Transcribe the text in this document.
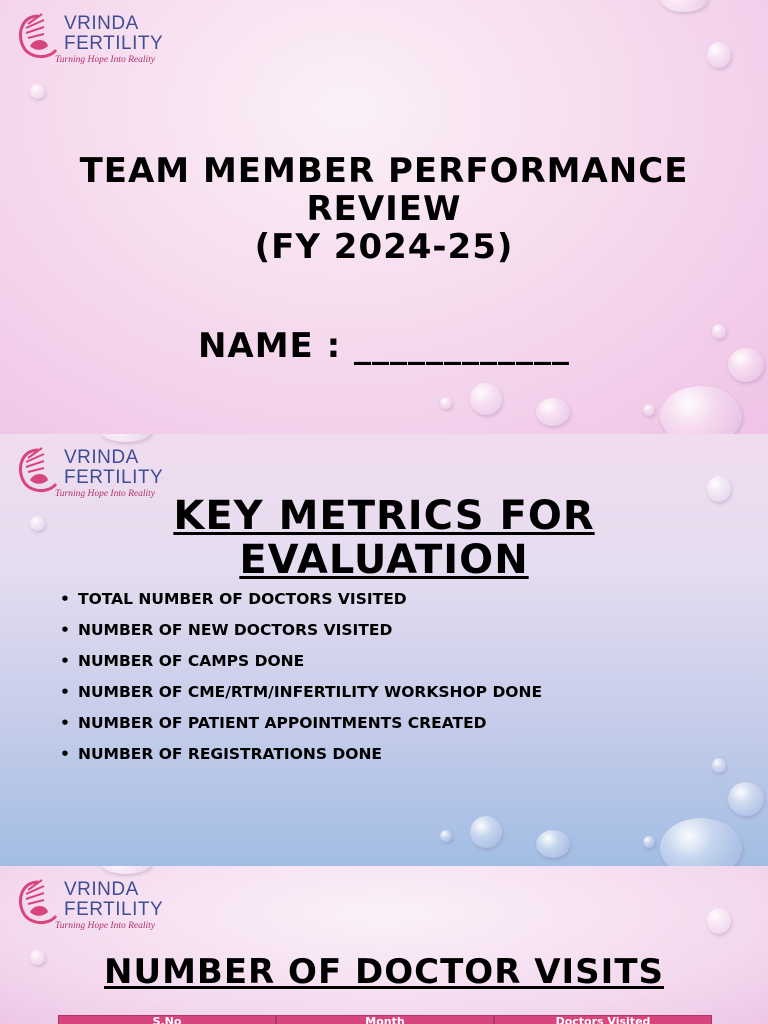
VRINDA
FERTILITY
Turning Hope Into Reality
TEAM MEMBER PERFORMANCE
REVIEW
(FY 2024-25)
NAME : ____________
VRINDA
FERTILITY
Turning Hope Into Reality KEY METRICS FOR
EVALUATION
• TOTAL NUMBER OF DOCTORS VISITED
• NUMBER OF NEW DOCTORS VISITED
• NUMBER OF CAMPS DONE
• NUMBER OF CME/RTM/INFERTILITY WORKSHOP DONE
• NUMBER OF PATIENT APPOINTMENTS CREATED
• NUMBER OF REGISTRATIONS DONE
VRINDA
FERTILITY
Turning Hope Into Reality
NUMBER OF DOCTOR VISITS
S.No	Month	Doctors Visited
